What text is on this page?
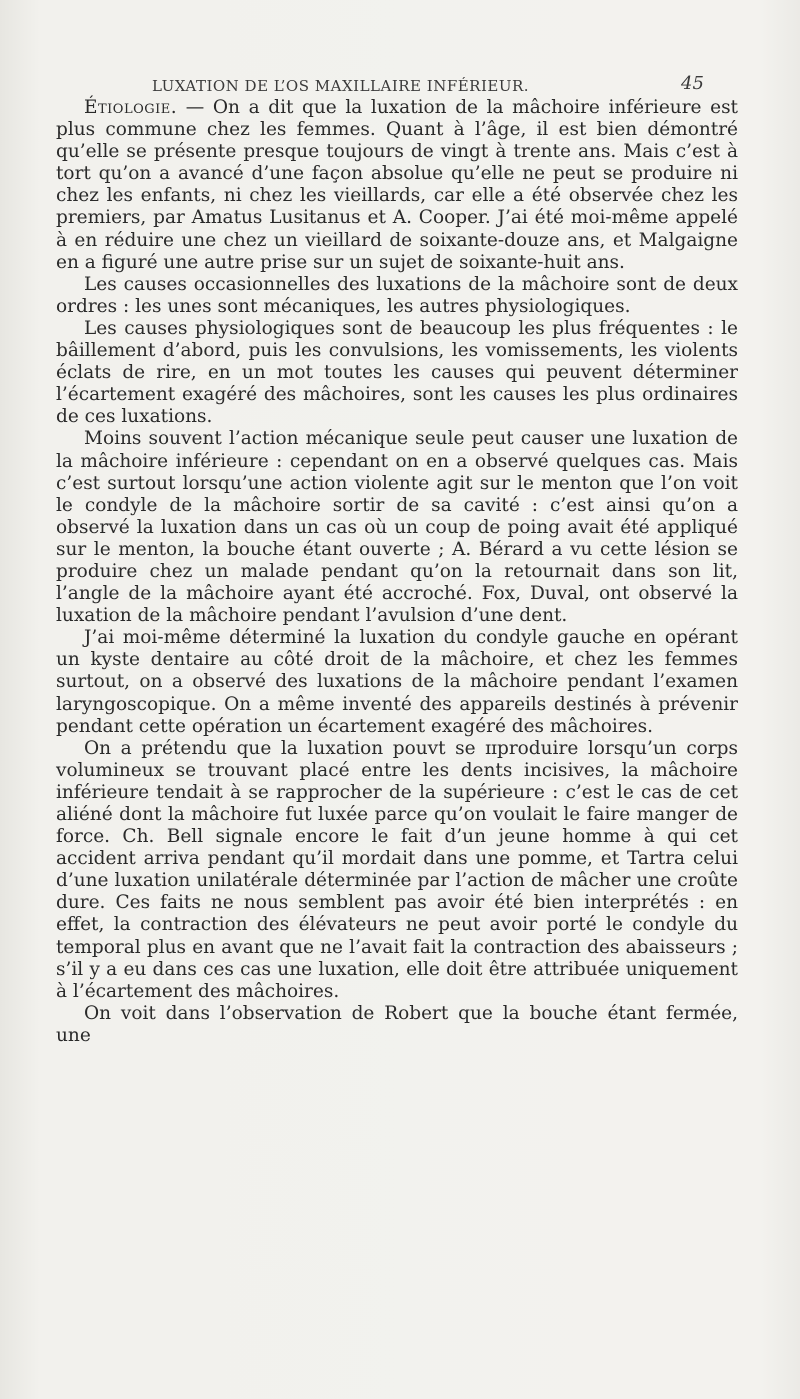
LUXATION DE L’OS MAXILLAIRE INFÉRIEUR.	45

Étiologie. — On a dit que la luxation de la mâchoire inférieure est plus commune chez les femmes. Quant à l’âge, il est bien démontré qu’elle se présente presque toujours de vingt à trente ans. Mais c’est à tort qu’on a avancé d’une façon absolue qu’elle ne peut se produire ni chez les enfants, ni chez les vieillards, car elle a été observée chez les premiers, par Amatus Lusitanus et A. Cooper. J’ai été moi-même appelé à en réduire une chez un vieillard de soixante-douze ans, et Malgaigne en a figuré une autre prise sur un sujet de soixante-huit ans.

Les causes occasionnelles des luxations de la mâchoire sont de deux ordres : les unes sont mécaniques, les autres physiologiques.

Les causes physiologiques sont de beaucoup les plus fréquentes : le bâillement d’abord, puis les convulsions, les vomissements, les violents éclats de rire, en un mot toutes les causes qui peuvent déterminer l’écartement exagéré des mâchoires, sont les causes les plus ordinaires de ces luxations.

Moins souvent l’action mécanique seule peut causer une luxation de la mâchoire inférieure : cependant on en a observé quelques cas. Mais c’est surtout lorsqu’une action violente agit sur le menton que l’on voit le condyle de la mâchoire sortir de sa cavité : c’est ainsi qu’on a observé la luxation dans un cas où un coup de poing avait été appliqué sur le menton, la bouche étant ouverte ; A. Bérard a vu cette lésion se produire chez un malade pendant qu’on la retournait dans son lit, l’angle de la mâchoire ayant été accroché. Fox, Duval, ont observé la luxation de la mâchoire pendant l’avulsion d’une dent.

J’ai moi-même déterminé la luxation du condyle gauche en opérant un kyste dentaire au côté droit de la mâchoire, et chez les femmes surtout, on a observé des luxations de la mâchoire pendant l’examen laryngoscopique. On a même inventé des appareils destinés à prévenir pendant cette opération un écartement exagéré des mâchoires.

On a prétendu que la luxation pouvt se ɪɪproduire lorsqu’un corps volumineux se trouvant placé entre les dents incisives, la mâchoire inférieure tendait à se rapprocher de la supérieure : c’est le cas de cet aliéné dont la mâchoire fut luxée parce qu’on voulait le faire manger de force. Ch. Bell signale encore le fait d’un jeune homme à qui cet accident arriva pendant qu’il mordait dans une pomme, et Tartra celui d’une luxation unilatérale déterminée par l’action de mâcher une croûte dure. Ces faits ne nous semblent pas avoir été bien interprétés : en effet, la contraction des élévateurs ne peut avoir porté le condyle du temporal plus en avant que ne l’avait fait la contraction des abaisseurs ; s’il y a eu dans ces cas une luxation, elle doit être attribuée uniquement à l’écartement des mâchoires.

On voit dans l’observation de Robert que la bouche étant fermée, une
